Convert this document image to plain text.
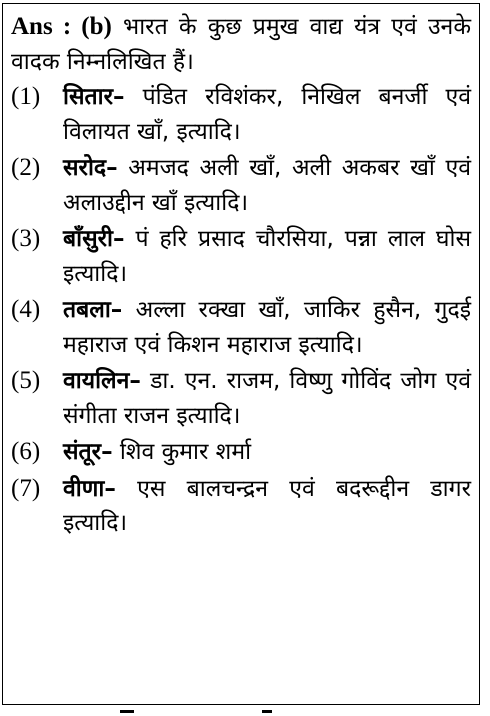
Ans : (b) भारत के कुछ प्रमुख वाद्य यंत्र एवं उनके वादक निम्नलिखित हैं।

(1) सितार– पंडित रविशंकर, निखिल बनर्जी एवं विलायत खाँ, इत्यादि।
(2) सरोद– अमजद अली खाँ, अली अकबर खाँ एवं अलाउद्दीन खाँ इत्यादि।
(3) बाँसुरी– पं हरि प्रसाद चौरसिया, पन्ना लाल घोस इत्यादि।
(4) तबला– अल्ला रक्खा खाँ, जाकिर हुसैन, गुदई महाराज एवं किशन महाराज इत्यादि।
(5) वायलिन– डा. एन. राजम, विष्णु गोविंद जोग एवं संगीता राजन इत्यादि।
(6) संतूर– शिव कुमार शर्मा
(7) वीणा– एस बालचन्द्रन एवं बदरूद्दीन डागर इत्यादि।
